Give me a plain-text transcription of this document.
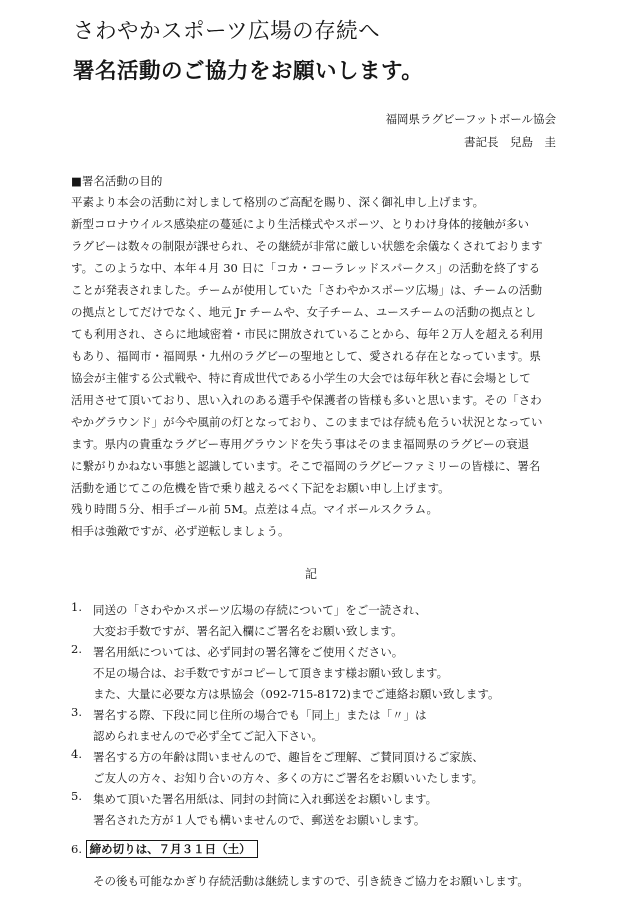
さわやかスポーツ広場の存続へ
署名活動のご協力をお願いします。
福岡県ラグビーフットボール協会
書記長　兒島　圭
■署名活動の目的
平素より本会の活動に対しまして格別のご高配を賜り、深く御礼申し上げます。
新型コロナウイルス感染症の蔓延により生活様式やスポーツ、とりわけ身体的接触が多い
ラグビーは数々の制限が課せられ、その継続が非常に厳しい状態を余儀なくされております
す。このような中、本年４月 30 日に「コカ・コーラレッドスパークス」の活動を終了する
ことが発表されました。チームが使用していた「さわやかスポーツ広場」は、チームの活動
の拠点としてだけでなく、地元 Jr チームや、女子チーム、ユースチームの活動の拠点とし
ても利用され、さらに地域密着・市民に開放されていることから、毎年２万人を超える利用
もあり、福岡市・福岡県・九州のラグビーの聖地として、愛される存在となっています。県
協会が主催する公式戦や、特に育成世代である小学生の大会では毎年秋と春に会場として
活用させて頂いており、思い入れのある選手や保護者の皆様も多いと思います。その「さわ
やかグラウンド」が今や風前の灯となっており、このままでは存続も危うい状況となってい
ます。県内の貴重なラグビー専用グラウンドを失う事はそのまま福岡県のラグビーの衰退
に繋がりかねない事態と認識しています。そこで福岡のラグビーファミリーの皆様に、署名
活動を通じてこの危機を皆で乗り越えるべく下記をお願い申し上げます。
残り時間５分、相手ゴール前 5M。点差は４点。マイボールスクラム。
相手は強敵ですが、必ず逆転しましょう。
記
1. 同送の「さわやかスポーツ広場の存続について」をご一読され、
大変お手数ですが、署名記入欄にご署名をお願い致します。
2. 署名用紙については、必ず同封の署名簿をご使用ください。
不足の場合は、お手数ですがコピーして頂きます様お願い致します。
また、大量に必要な方は県協会（092-715-8172)までご連絡お願い致します。
3. 署名する際、下段に同じ住所の場合でも「同上」または「〃」は
認められませんので必ず全てご記入下さい。
4. 署名する方の年齢は問いませんので、趣旨をご理解、ご賛同頂けるご家族、
ご友人の方々、お知り合いの方々、多くの方にご署名をお願いいたします。
5. 集めて頂いた署名用紙は、同封の封筒に入れ郵送をお願いします。
署名された方が１人でも構いませんので、郵送をお願いします。
6. 締め切りは、７月３１日（土）
その後も可能なかぎり存続活動は継続しますので、引き続きご協力をお願いします。
